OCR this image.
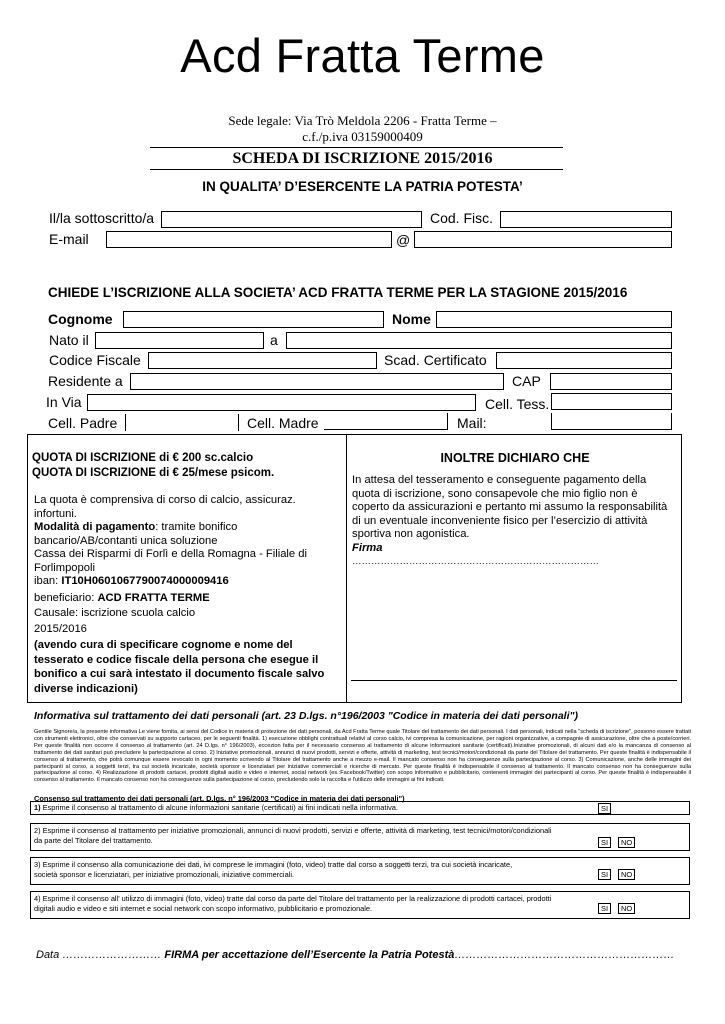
Acd Fratta Terme
Sede legale: Via Trò Meldola 2206 - Fratta Terme –
c.f./p.iva 03159000409
SCHEDA DI ISCRIZIONE 2015/2016
IN QUALITA’ D’ESERCENTE LA PATRIA POTESTA’
Il/la sottoscritto/a	Cod. Fisc.
E-mail	@
CHIEDE L’ISCRIZIONE ALLA SOCIETA’ ACD FRATTA TERME PER LA STAGIONE 2015/2016
Cognome	Nome
Nato il	a
Codice Fiscale	Scad. Certificato
Residente a	CAP
In Via	Cell. Tess.
Cell. Padre	Cell. Madre	Mail:
QUOTA DI ISCRIZIONE di € 200 sc.calcio
QUOTA DI ISCRIZIONE di € 25/mese psicom.
La quota è comprensiva di corso di calcio, assicuraz. infortuni.
Modalità di pagamento: tramite bonifico bancario/AB/contanti unica soluzione
Cassa dei Risparmi di Forlì e della Romagna - Filiale di Forlimpopoli
iban: IT10H0601067790074000009416
beneficiario: ACD FRATTA TERME
Causale: iscrizione scuola calcio
2015/2016
(avendo cura di specificare cognome e nome del tesserato e codice fiscale della persona che esegue il bonifico a cui sarà intestato il documento fiscale salvo diverse indicazioni)
INOLTRE DICHIARO CHE
In attesa del tesseramento e conseguente pagamento della quota di iscrizione, sono consapevole che mio figlio non è coperto da assicurazioni e pertanto mi assumo la responsabilità di un eventuale inconveniente fisico per l’esercizio di attività sportiva non agonistica.
Firma
……………………………………………………………………
Informativa sul trattamento dei dati personali (art. 23 D.lgs. n°196/2003 "Codice in materia dei dati personali")
Gentile Signore/a, la presente informativa Le viene fornita, ai sensi del Codice in materia di protezione dei dati personali, da Acd Fratta Terme quale Titolare del trattamento dei dati personali. I dati personali, indicati nella "scheda di iscrizione", possono essere trattati con strumenti elettronici, oltre che conservati su supporto cartaceo, per le seguenti finalità. 1) esecuzione obblighi contrattuali relativi al corso calcio, ivi compresa la comunicazione, per ragioni organizzative, a compagnie di assicurazione, oltre che a poste/corrieri. Per queste finalità non occorre il consenso al trattamento (art. 24 D.lgs. n° 196/2003), eccezion fatta per il necessario consenso al trattamento di alcune informazioni sanitarie (certificati).Iniziative promozionali, di alcuni dati e/o la mancanza di consenso al trattamento dei dati sanitari può precludere la partecipazione al corso. 2) Iniziative promozionali, annunci di nuovi prodotti, servizi e offerte, attività di marketing, test tecnici/motori/condizionali da parte del Titolare del trattamento. Per queste finalità è indispensabile il consenso al trattamento, che potrà comunque essere revocato in ogni momento scrivendo al Titolare del trattamento anche a mezzo e-mail. Il mancato consenso non ha conseguenze sulla partecipazione al corso. 3) Comunicazione, anche delle immagini dei partecipanti al corso, a soggetti terzi, tra cui società incaricate, società sponsor e licenziatari per iniziative commerciali e ricerche di mercato. Per queste finalità è indispensabile il consenso al trattamento. Il mancato consenso non ha conseguenze sulla partecipazione al corso. 4) Realizzazione di prodotti cartacei, prodotti digitali audio e video e internet, social network (es.:Facebook/Twitter) con scopo informativo e pubblicitario, contenenti immagini dei partecipanti al corso. Per queste finalità è indispensabile il consenso al trattamento. Il mancato consenso non ha conseguenze sulla partecipazione al corso, precludendo solo la raccolta e l'utilizzo delle immagini ai fini indicati.
Consenso sul trattamento dei dati personali (art. D.lgs. n° 196/2003 "Codice in materia dei dati personali")
1) Esprime il consenso al trattamento di alcune informazioni sanitarie (certificati) ai fini indicati nella informativa.	SI
2) Esprime il consenso al trattamento per iniziative promozionali, annunci di nuovi prodotti, servizi e offerte, attività di marketing, test tecnici/motori/condizionali da parte del Titolare del trattamento.	SI	NO
3) Esprime il consenso alla comunicazione dei dati, ivi comprese le immagini (foto, video) tratte dal corso a soggetti terzi, tra cui società incaricate, società sponsor e licenziatari, per iniziative promozionali, iniziative commerciali.	SI	NO
4) Esprime il consenso all' utilizzo di immagini (foto, video) tratte dal corso da parte del Titolare del trattamento per la realizzazione di prodotti cartacei, prodotti digitali audio e video e siti internet e social network con scopo informativo, pubblicitario e promozionale.	SI	NO
Data ……………………… FIRMA per accettazione dell’Esercente la Patria Potestà……………………………………………………
